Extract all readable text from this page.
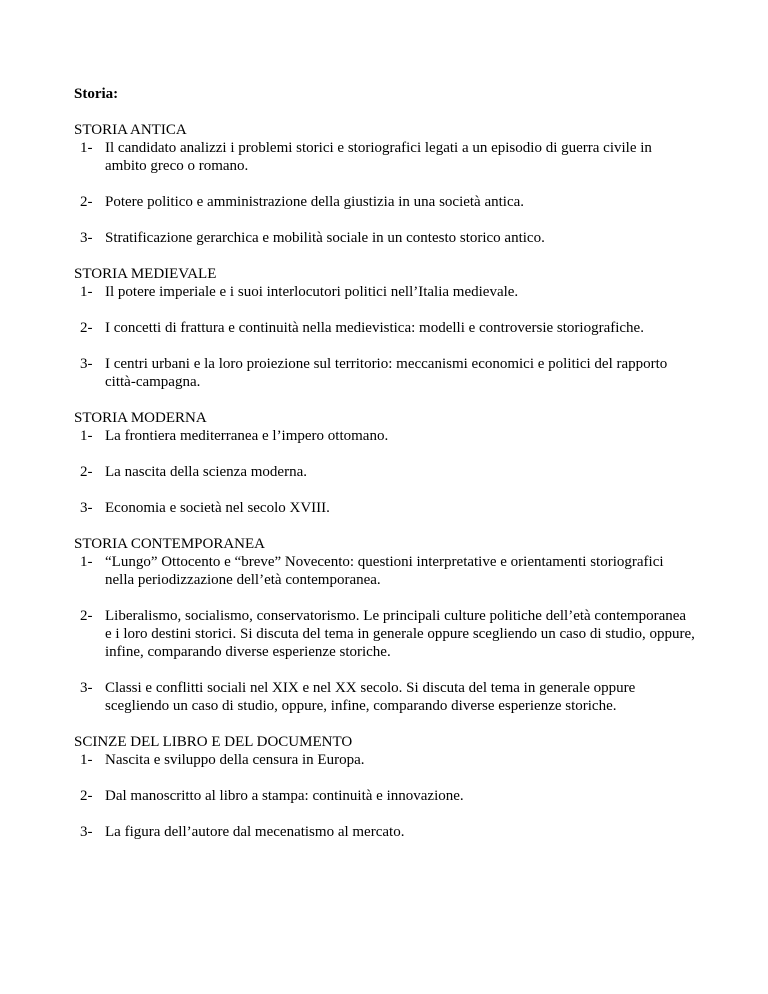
Storia:
STORIA ANTICA
1- Il candidato analizzi i problemi storici e storiografici legati a un episodio di guerra civile in ambito greco o romano.
2- Potere politico e amministrazione della giustizia in una società antica.
3- Stratificazione gerarchica e mobilità sociale in un contesto storico antico.
STORIA MEDIEVALE
1- Il potere imperiale e i suoi interlocutori politici nell’Italia medievale.
2- I concetti di frattura e continuità nella medievistica: modelli e controversie storiografiche.
3- I centri urbani e la loro proiezione sul territorio: meccanismi economici e politici del rapporto città-campagna.
STORIA MODERNA
1- La frontiera mediterranea e l’impero ottomano.
2- La nascita della scienza moderna.
3- Economia e società nel secolo XVIII.
STORIA CONTEMPORANEA
1- “Lungo” Ottocento e “breve” Novecento: questioni interpretative e orientamenti storiografici nella periodizzazione dell’età contemporanea.
2- Liberalismo, socialismo, conservatorismo. Le principali culture politiche dell’età contemporanea e i loro destini storici. Si discuta del tema in generale oppure scegliendo un caso di studio, oppure, infine, comparando diverse esperienze storiche.
3- Classi e conflitti sociali nel XIX e nel XX secolo. Si discuta del tema in generale oppure scegliendo un caso di studio, oppure, infine, comparando diverse esperienze storiche.
SCINZE DEL LIBRO E DEL DOCUMENTO
1- Nascita e sviluppo della censura in Europa.
2- Dal manoscritto al libro a stampa: continuità e innovazione.
3- La figura dell’autore dal mecenatismo al mercato.
